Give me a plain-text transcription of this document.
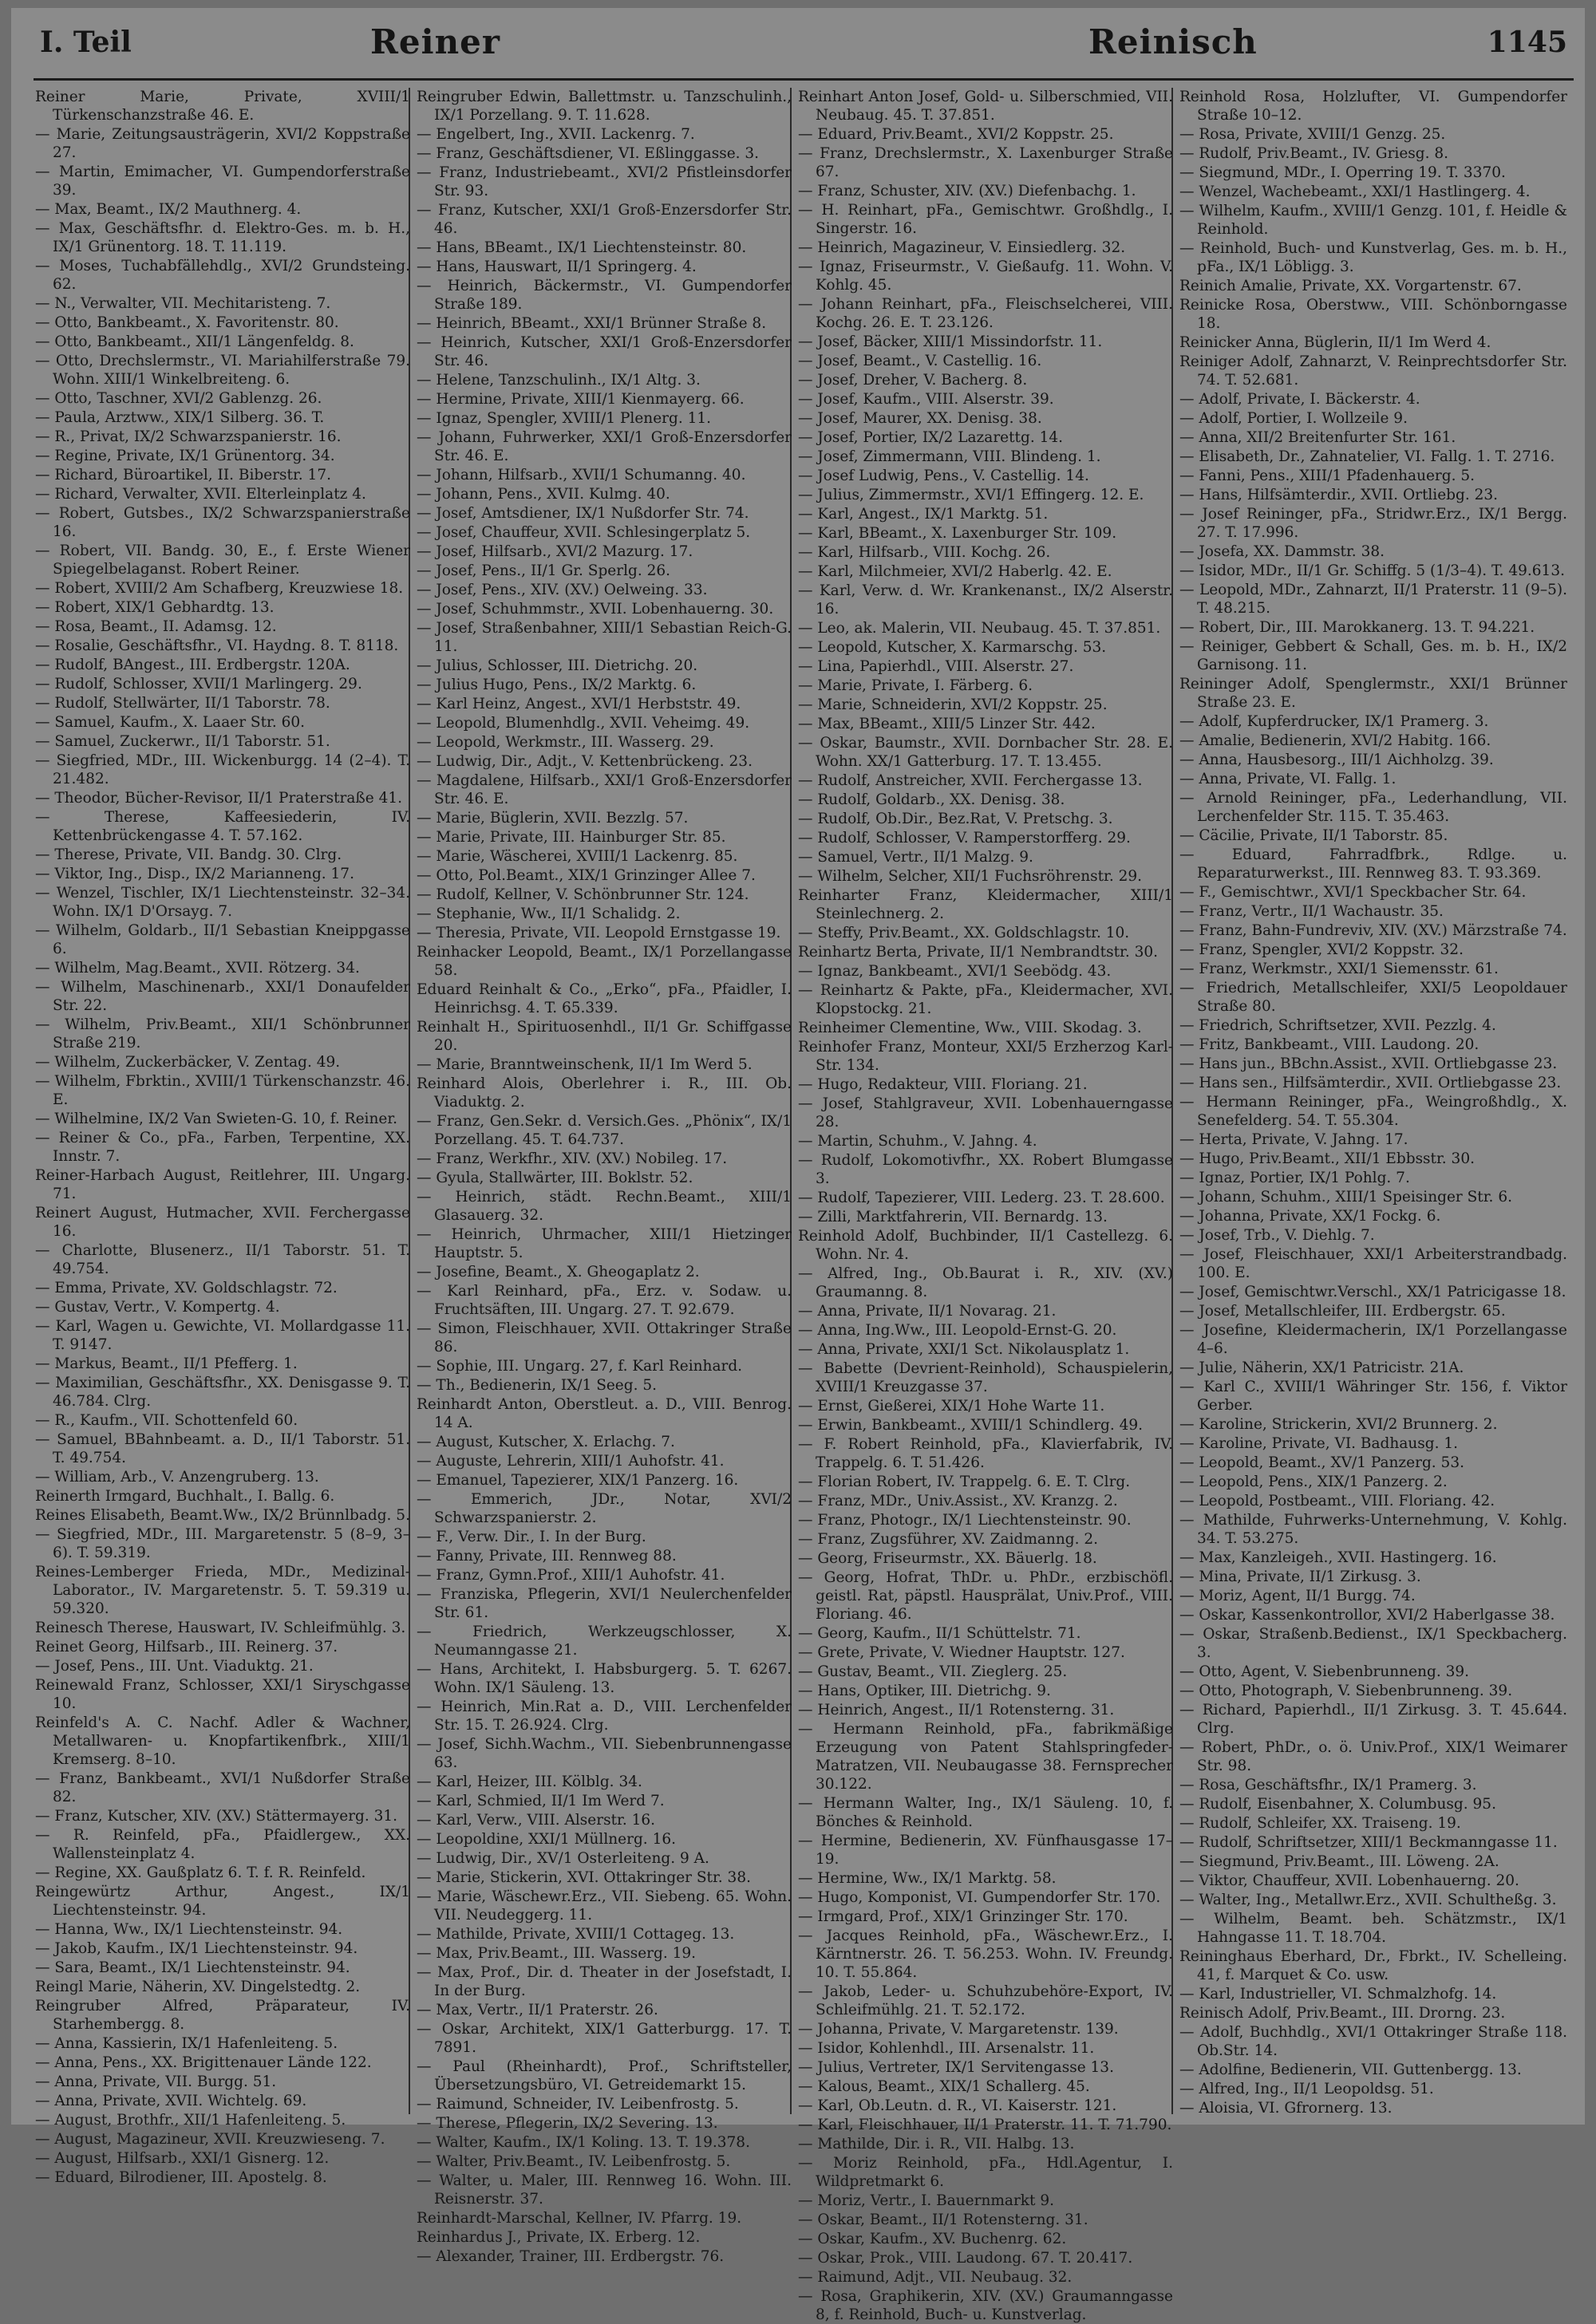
I. Teil	Reiner	Reinisch	1145
Reiner Marie, Private, XVIII/1 Türkenschanzstraße 46. E.
— Marie, Zeitungsausträgerin, XVI/2 Koppstraße 27.
— Martin, Emimacher, VI. Gumpendorferstraße 39.
— Max, Beamt., IX/2 Mauthnerg. 4.
— Max, Geschäftsfhr. d. Elektro-Ges. m. b. H., IX/1 Grünentorg. 18. T. 11.119.
— Moses, Tuchabfällehdlg., XVI/2 Grundsteing. 62.
— N., Verwalter, VII. Mechitaristeng. 7.
— Otto, Bankbeamt., X. Favoritenstr. 80.
— Otto, Bankbeamt., XII/1 Längenfeldg. 8.
— Otto, Drechslermstr., VI. Mariahilferstraße 79. Wohn. XIII/1 Winkelbreiteng. 6.
— Otto, Taschner, XVI/2 Gablenzg. 26.
— Paula, Arztww., XIX/1 Silberg. 36. T.
— R., Privat, IX/2 Schwarzspanierstr. 16.
— Regine, Private, IX/1 Grünentorg. 34.
— Richard, Büroartikel, II. Biberstr. 17.
— Richard, Verwalter, XVII. Elterleinplatz 4.
— Robert, Gutsbes., IX/2 Schwarzspanierstraße 16.
— Robert, VII. Bandg. 30, E., f. Erste Wiener Spiegelbelaganst. Robert Reiner.
— Robert, XVIII/2 Am Schafberg, Kreuzwiese 18.
— Robert, XIX/1 Gebhardtg. 13.
— Rosa, Beamt., II. Adamsg. 12.
— Rosalie, Geschäftsfhr., VI. Haydng. 8. T. 8118.
— Rudolf, BAngest., III. Erdbergstr. 120A.
— Rudolf, Schlosser, XVII/1 Marlingerg. 29.
— Rudolf, Stellwärter, II/1 Taborstr. 78.
— Samuel, Kaufm., X. Laaer Str. 60.
— Samuel, Zuckerwr., II/1 Taborstr. 51.
— Siegfried, MDr., III. Wickenburgg. 14 (2–4). T. 21.482.
— Theodor, Bücher-Revisor, II/1 Praterstraße 41.
— Therese, Kaffeesiederin, IV. Kettenbrückengasse 4. T. 57.162.
— Therese, Private, VII. Bandg. 30. Clrg.
— Viktor, Ing., Disp., IX/2 Marianneng. 17.
— Wenzel, Tischler, IX/1 Liechtensteinstr. 32–34. Wohn. IX/1 D'Orsayg. 7.
— Wilhelm, Goldarb., II/1 Sebastian Kneippgasse 6.
— Wilhelm, Mag.Beamt., XVII. Rötzerg. 34.
— Wilhelm, Maschinenarb., XXI/1 Donaufelder Str. 22.
— Wilhelm, Priv.Beamt., XII/1 Schönbrunner Straße 219.
— Wilhelm, Zuckerbäcker, V. Zentag. 49.
— Wilhelm, Fbrktin., XVIII/1 Türkenschanzstr. 46. E.
— Wilhelmine, IX/2 Van Swieten-G. 10, f. Reiner.
— Reiner & Co., pFa., Farben, Terpentine, XX. Innstr. 7.
Reiner-Harbach August, Reitlehrer, III. Ungarg. 71.
Reinert August, Hutmacher, XVII. Ferchergasse 16.
— Charlotte, Blusenerz., II/1 Taborstr. 51. T. 49.754.
— Emma, Private, XV. Goldschlagstr. 72.
— Gustav, Vertr., V. Kompertg. 4.
— Karl, Wagen u. Gewichte, VI. Mollardgasse 11. T. 9147.
— Markus, Beamt., II/1 Pfefferg. 1.
— Maximilian, Geschäftsfhr., XX. Denisgasse 9. T. 46.784. Clrg.
— R., Kaufm., VII. Schottenfeld 60.
— Samuel, BBahnbeamt. a. D., II/1 Taborstr. 51. T. 49.754.
— William, Arb., V. Anzengruberg. 13.
Reinerth Irmgard, Buchhalt., I. Ballg. 6.
Reines Elisabeth, Beamt.Ww., IX/2 Brünnlbadg. 5.
— Siegfried, MDr., III. Margaretenstr. 5 (8–9, 3–6). T. 59.319.
Reines-Lemberger Frieda, MDr., Medizinal-Laborator., IV. Margaretenstr. 5. T. 59.319 u. 59.320.
Reinesch Therese, Hauswart, IV. Schleifmühlg. 3.
Reinet Georg, Hilfsarb., III. Reinerg. 37.
— Josef, Pens., III. Unt. Viaduktg. 21.
Reinewald Franz, Schlosser, XXI/1 Siryschgasse 10.
Reinfeld's A. C. Nachf. Adler & Wachner, Metallwaren- u. Knopfartikenfbrk., XIII/1 Kremserg. 8–10.
— Franz, Bankbeamt., XVI/1 Nußdorfer Straße 82.
— Franz, Kutscher, XIV. (XV.) Stättermayerg. 31.
— R. Reinfeld, pFa., Pfaidlergew., XX. Wallensteinplatz 4.
— Regine, XX. Gaußplatz 6. T. f. R. Reinfeld.
Reingewürtz Arthur, Angest., IX/1 Liechtensteinstr. 94.
— Hanna, Ww., IX/1 Liechtensteinstr. 94.
— Jakob, Kaufm., IX/1 Liechtensteinstr. 94.
— Sara, Beamt., IX/1 Liechtensteinstr. 94.
Reingl Marie, Näherin, XV. Dingelstedtg. 2.
Reingruber Alfred, Präparateur, IV. Starhembergg. 8.
— Anna, Kassierin, IX/1 Hafenleiteng. 5.
— Anna, Pens., XX. Brigittenauer Lände 122.
— Anna, Private, VII. Burgg. 51.
— Anna, Private, XVII. Wichtelg. 69.
— August, Brothfr., XII/1 Hafenleiteng. 5.
— August, Magazineur, XVII. Kreuzwieseng. 7.
— August, Hilfsarb., XXI/1 Gisnerg. 12.
— Eduard, Bilrodiener, III. Apostelg. 8.
Reingruber Edwin, Ballettmstr. u. Tanzschulinh., IX/1 Porzellang. 9. T. 11.628.
— Engelbert, Ing., XVII. Lackenrg. 7.
— Franz, Geschäftsdiener, VI. Eßlinggasse. 3.
— Franz, Industriebeamt., XVI/2 Pfistleinsdorfer Str. 93.
— Franz, Kutscher, XXI/1 Groß-Enzersdorfer Str. 46.
— Hans, BBeamt., IX/1 Liechtensteinstr. 80.
— Hans, Hauswart, II/1 Springerg. 4.
— Heinrich, Bäckermstr., VI. Gumpendorfer Straße 189.
— Heinrich, BBeamt., XXI/1 Brünner Straße 8.
— Heinrich, Kutscher, XXI/1 Groß-Enzersdorfer Str. 46.
— Helene, Tanzschulinh., IX/1 Altg. 3.
— Hermine, Private, XIII/1 Kienmayerg. 66.
— Ignaz, Spengler, XVIII/1 Plenerg. 11.
— Johann, Fuhrwerker, XXI/1 Groß-Enzersdorfer Str. 46. E.
— Johann, Hilfsarb., XVII/1 Schumanng. 40.
— Johann, Pens., XVII. Kulmg. 40.
— Josef, Amtsdiener, IX/1 Nußdorfer Str. 74.
— Josef, Chauffeur, XVII. Schlesingerplatz 5.
— Josef, Hilfsarb., XVI/2 Mazurg. 17.
— Josef, Pens., II/1 Gr. Sperlg. 26.
— Josef, Pens., XIV. (XV.) Oelweing. 33.
— Josef, Schuhmmstr., XVII. Lobenhauerng. 30.
— Josef, Straßenbahner, XIII/1 Sebastian Reich-G. 11.
— Julius, Schlosser, III. Dietrichg. 20.
— Julius Hugo, Pens., IX/2 Marktg. 6.
— Karl Heinz, Angest., XVI/1 Herbststr. 49.
— Leopold, Blumenhdlg., XVII. Veheimg. 49.
— Leopold, Werkmstr., III. Wasserg. 29.
— Ludwig, Dir., Adjt., V. Kettenbrückeng. 23.
— Magdalene, Hilfsarb., XXI/1 Groß-Enzersdorfer Str. 46. E.
— Marie, Büglerin, XVII. Bezzlg. 57.
— Marie, Private, III. Hainburger Str. 85.
— Marie, Wäscherei, XVIII/1 Lackenrg. 85.
— Otto, Pol.Beamt., XIX/1 Grinzinger Allee 7.
— Rudolf, Kellner, V. Schönbrunner Str. 124.
— Stephanie, Ww., II/1 Schalidg. 2.
— Theresia, Private, VII. Leopold Ernstgasse 19.
Reinhacker Leopold, Beamt., IX/1 Porzellangasse 58.
Eduard Reinhalt & Co., „Erko“, pFa., Pfaidler, I. Heinrichsg. 4. T. 65.339.
Reinhalt H., Spirituosenhdl., II/1 Gr. Schiffgasse 20.
— Marie, Branntweinschenk, II/1 Im Werd 5.
Reinhard Alois, Oberlehrer i. R., III. Ob. Viaduktg. 2.
— Franz, Gen.Sekr. d. Versich.Ges. „Phönix“, IX/1 Porzellang. 45. T. 64.737.
— Franz, Werkfhr., XIV. (XV.) Nobileg. 17.
— Gyula, Stallwärter, III. Boklstr. 52.
— Heinrich, städt. Rechn.Beamt., XIII/1 Glasauerg. 32.
— Heinrich, Uhrmacher, XIII/1 Hietzinger Hauptstr. 5.
— Josefine, Beamt., X. Gheogaplatz 2.
— Karl Reinhard, pFa., Erz. v. Sodaw. u. Fruchtsäften, III. Ungarg. 27. T. 92.679.
— Simon, Fleischhauer, XVII. Ottakringer Straße 86.
— Sophie, III. Ungarg. 27, f. Karl Reinhard.
— Th., Bedienerin, IX/1 Seeg. 5.
Reinhardt Anton, Oberstleut. a. D., VIII. Benrog. 14 A.
— August, Kutscher, X. Erlachg. 7.
— Auguste, Lehrerin, XIII/1 Auhofstr. 41.
— Emanuel, Tapezierer, XIX/1 Panzerg. 16.
— Emmerich, JDr., Notar, XVI/2 Schwarzspanierstr. 2.
— F., Verw. Dir., I. In der Burg.
— Fanny, Private, III. Rennweg 88.
— Franz, Gymn.Prof., XIII/1 Auhofstr. 41.
— Franziska, Pflegerin, XVI/1 Neulerchenfelder Str. 61.
— Friedrich, Werkzeugschlosser, X. Neumanngasse 21.
— Hans, Architekt, I. Habsburgerg. 5. T. 6267. Wohn. IX/1 Säuleng. 13.
— Heinrich, Min.Rat a. D., VIII. Lerchenfelder Str. 15. T. 26.924. Clrg.
— Josef, Sichh.Wachm., VII. Siebenbrunnengasse 63.
— Karl, Heizer, III. Kölblg. 34.
— Karl, Schmied, II/1 Im Werd 7.
— Karl, Verw., VIII. Alserstr. 16.
— Leopoldine, XXI/1 Müllnerg. 16.
— Ludwig, Dir., XV/1 Osterleiteng. 9 A.
— Marie, Stickerin, XVI. Ottakringer Str. 38.
— Marie, Wäschewr.Erz., VII. Siebeng. 65. Wohn. VII. Neudeggerg. 11.
— Mathilde, Private, XVIII/1 Cottageg. 13.
— Max, Priv.Beamt., III. Wasserg. 19.
— Max, Prof., Dir. d. Theater in der Josefstadt, I. In der Burg.
— Max, Vertr., II/1 Praterstr. 26.
— Oskar, Architekt, XIX/1 Gatterburgg. 17. T. 7891.
— Paul (Rheinhardt), Prof., Schriftsteller, Übersetzungsbüro, VI. Getreidemarkt 15.
— Raimund, Schneider, IV. Leibenfrostg. 5.
— Therese, Pflegerin, IX/2 Severing. 13.
— Walter, Kaufm., IX/1 Koling. 13. T. 19.378.
— Walter, Priv.Beamt., IV. Leibenfrostg. 5.
— Walter, u. Maler, III. Rennweg 16. Wohn. III. Reisnerstr. 37.
Reinhardt-Marschal, Kellner, IV. Pfarrg. 19.
Reinhardus J., Private, IX. Erberg. 12.
— Alexander, Trainer, III. Erdbergstr. 76.
Reinhart Anton Josef, Gold- u. Silberschmied, VII. Neubaug. 45. T. 37.851.
— Eduard, Priv.Beamt., XVI/2 Koppstr. 25.
— Franz, Drechslermstr., X. Laxenburger Straße 67.
— Franz, Schuster, XIV. (XV.) Diefenbachg. 1.
— H. Reinhart, pFa., Gemischtwr. Großhdlg., I. Singerstr. 16.
— Heinrich, Magazineur, V. Einsiedlerg. 32.
— Ignaz, Friseurmstr., V. Gießaufg. 11. Wohn. V. Kohlg. 45.
— Johann Reinhart, pFa., Fleischselcherei, VIII. Kochg. 26. E. T. 23.126.
— Josef, Bäcker, XIII/1 Missindorfstr. 11.
— Josef, Beamt., V. Castellig. 16.
— Josef, Dreher, V. Bacherg. 8.
— Josef, Kaufm., VIII. Alserstr. 39.
— Josef, Maurer, XX. Denisg. 38.
— Josef, Portier, IX/2 Lazarettg. 14.
— Josef, Zimmermann, VIII. Blindeng. 1.
— Josef Ludwig, Pens., V. Castellig. 14.
— Julius, Zimmermstr., XVI/1 Effingerg. 12. E.
— Karl, Angest., IX/1 Marktg. 51.
— Karl, BBeamt., X. Laxenburger Str. 109.
— Karl, Hilfsarb., VIII. Kochg. 26.
— Karl, Milchmeier, XVI/2 Haberlg. 42. E.
— Karl, Verw. d. Wr. Krankenanst., IX/2 Alserstr. 16.
— Leo, ak. Malerin, VII. Neubaug. 45. T. 37.851.
— Leopold, Kutscher, X. Karmarschg. 53.
— Lina, Papierhdl., VIII. Alserstr. 27.
— Marie, Private, I. Färberg. 6.
— Marie, Schneiderin, XVI/2 Koppstr. 25.
— Max, BBeamt., XIII/5 Linzer Str. 442.
— Oskar, Baumstr., XVII. Dornbacher Str. 28. E. Wohn. XX/1 Gatterburg. 17. T. 13.455.
— Rudolf, Anstreicher, XVII. Ferchergasse 13.
— Rudolf, Goldarb., XX. Denisg. 38.
— Rudolf, Ob.Dir., Bez.Rat, V. Pretschg. 3.
— Rudolf, Schlosser, V. Ramperstorfferg. 29.
— Samuel, Vertr., II/1 Malzg. 9.
— Wilhelm, Selcher, XII/1 Fuchsröhrenstr. 29.
Reinharter Franz, Kleidermacher, XIII/1 Steinlechnerg. 2.
— Steffy, Priv.Beamt., XX. Goldschlagstr. 10.
Reinhartz Berta, Private, II/1 Nembrandtstr. 30.
— Ignaz, Bankbeamt., XVI/1 Seebödg. 43.
— Reinhartz & Pakte, pFa., Kleidermacher, XVI. Klopstockg. 21.
Reinheimer Clementine, Ww., VIII. Skodag. 3.
Reinhofer Franz, Monteur, XXI/5 Erzherzog Karl-Str. 134.
— Hugo, Redakteur, VIII. Floriang. 21.
— Josef, Stahlgraveur, XVII. Lobenhauerngasse 28.
— Martin, Schuhm., V. Jahng. 4.
— Rudolf, Lokomotivfhr., XX. Robert Blumgasse 3.
— Rudolf, Tapezierer, VIII. Lederg. 23. T. 28.600.
— Zilli, Marktfahrerin, VII. Bernardg. 13.
Reinhold Adolf, Buchbinder, II/1 Castellezg. 6. Wohn. Nr. 4.
— Alfred, Ing., Ob.Baurat i. R., XIV. (XV.) Graumanng. 8.
— Anna, Private, II/1 Novarag. 21.
— Anna, Ing.Ww., III. Leopold-Ernst-G. 20.
— Anna, Private, XXI/1 Sct. Nikolausplatz 1.
— Babette (Devrient-Reinhold), Schauspielerin, XVIII/1 Kreuzgasse 37.
— Ernst, Gießerei, XIX/1 Hohe Warte 11.
— Erwin, Bankbeamt., XVIII/1 Schindlerg. 49.
— F. Robert Reinhold, pFa., Klavierfabrik, IV. Trappelg. 6. T. 51.426.
— Florian Robert, IV. Trappelg. 6. E. T. Clrg.
— Franz, MDr., Univ.Assist., XV. Kranzg. 2.
— Franz, Photogr., IX/1 Liechtensteinstr. 90.
— Franz, Zugsführer, XV. Zaidmanng. 2.
— Georg, Friseurmstr., XX. Bäuerlg. 18.
— Georg, Hofrat, ThDr. u. PhDr., erzbischöfl. geistl. Rat, päpstl. Hausprälat, Univ.Prof., VIII. Floriang. 46.
— Georg, Kaufm., II/1 Schüttelstr. 71.
— Grete, Private, V. Wiedner Hauptstr. 127.
— Gustav, Beamt., VII. Zieglerg. 25.
— Hans, Optiker, III. Dietrichg. 9.
— Heinrich, Angest., II/1 Rotensterng. 31.
— Hermann Reinhold, pFa., fabrikmäßige Erzeugung von Patent Stahlspringfeder-Matratzen, VII. Neubaugasse 38. Fernsprecher 30.122.
— Hermann Walter, Ing., IX/1 Säuleng. 10, f. Bönches & Reinhold.
— Hermine, Bedienerin, XV. Fünfhausgasse 17–19.
— Hermine, Ww., IX/1 Marktg. 58.
— Hugo, Komponist, VI. Gumpendorfer Str. 170.
— Irmgard, Prof., XIX/1 Grinzinger Str. 170.
— Jacques Reinhold, pFa., Wäschewr.Erz., I. Kärntnerstr. 26. T. 56.253. Wohn. IV. Freundg. 10. T. 55.864.
— Jakob, Leder- u. Schuhzubehöre-Export, IV. Schleifmühlg. 21. T. 52.172.
— Johanna, Private, V. Margaretenstr. 139.
— Isidor, Kohlenhdl., III. Arsenalstr. 11.
— Julius, Vertreter, IX/1 Servitengasse 13.
— Kalous, Beamt., XIX/1 Schallerg. 45.
— Karl, Ob.Leutn. d. R., VI. Kaiserstr. 121.
— Karl, Fleischhauer, II/1 Praterstr. 11. T. 71.790.
— Mathilde, Dir. i. R., VII. Halbg. 13.
— Moriz Reinhold, pFa., Hdl.Agentur, I. Wildpretmarkt 6.
— Moriz, Vertr., I. Bauernmarkt 9.
— Oskar, Beamt., II/1 Rotensterng. 31.
— Oskar, Kaufm., XV. Buchenrg. 62.
— Oskar, Prok., VIII. Laudong. 67. T. 20.417.
— Raimund, Adjt., VII. Neubaug. 32.
— Rosa, Graphikerin, XIV. (XV.) Graumanngasse 8, f. Reinhold, Buch- u. Kunstverlag.
Reinhold Rosa, Holzlufter, VI. Gumpendorfer Straße 10–12.
— Rosa, Private, XVIII/1 Genzg. 25.
— Rudolf, Priv.Beamt., IV. Griesg. 8.
— Siegmund, MDr., I. Operring 19. T. 3370.
— Wenzel, Wachebeamt., XXI/1 Hastlingerg. 4.
— Wilhelm, Kaufm., XVIII/1 Genzg. 101, f. Heidle & Reinhold.
— Reinhold, Buch- und Kunstverlag, Ges. m. b. H., pFa., IX/1 Löbligg. 3.
Reinich Amalie, Private, XX. Vorgartenstr. 67.
Reinicke Rosa, Oberstww., VIII. Schönborngasse 18.
Reinicker Anna, Büglerin, II/1 Im Werd 4.
Reiniger Adolf, Zahnarzt, V. Reinprechtsdorfer Str. 74. T. 52.681.
— Adolf, Private, I. Bäckerstr. 4.
— Adolf, Portier, I. Wollzeile 9.
— Anna, XII/2 Breitenfurter Str. 161.
— Elisabeth, Dr., Zahnatelier, VI. Fallg. 1. T. 2716.
— Fanni, Pens., XIII/1 Pfadenhauerg. 5.
— Hans, Hilfsämterdir., XVII. Ortliebg. 23.
— Josef Reininger, pFa., Stridwr.Erz., IX/1 Bergg. 27. T. 17.996.
— Josefa, XX. Dammstr. 38.
— Isidor, MDr., II/1 Gr. Schiffg. 5 (1/3–4). T. 49.613.
— Leopold, MDr., Zahnarzt, II/1 Praterstr. 11 (9–5). T. 48.215.
— Robert, Dir., III. Marokkanerg. 13. T. 94.221.
— Reiniger, Gebbert & Schall, Ges. m. b. H., IX/2 Garnisong. 11.
Reininger Adolf, Spenglermstr., XXI/1 Brünner Straße 23. E.
— Adolf, Kupferdrucker, IX/1 Pramerg. 3.
— Amalie, Bedienerin, XVI/2 Habitg. 166.
— Anna, Hausbesorg., III/1 Aichholzg. 39.
— Anna, Private, VI. Fallg. 1.
— Arnold Reininger, pFa., Lederhandlung, VII. Lerchenfelder Str. 115. T. 35.463.
— Cäcilie, Private, II/1 Taborstr. 85.
— Eduard, Fahrradfbrk., Rdlge. u. Reparaturwerkst., III. Rennweg 83. T. 93.369.
— F., Gemischtwr., XVI/1 Speckbacher Str. 64.
— Franz, Vertr., II/1 Wachaustr. 35.
— Franz, Bahn-Fundreviv, XIV. (XV.) Märzstraße 74.
— Franz, Spengler, XVI/2 Koppstr. 32.
— Franz, Werkmstr., XXI/1 Siemensstr. 61.
— Friedrich, Metallschleifer, XXI/5 Leopoldauer Straße 80.
— Friedrich, Schriftsetzer, XVII. Pezzlg. 4.
— Fritz, Bankbeamt., VIII. Laudong. 20.
— Hans jun., BBchn.Assist., XVII. Ortliebgasse 23.
— Hans sen., Hilfsämterdir., XVII. Ortliebgasse 23.
— Hermann Reininger, pFa., Weingroßhdlg., X. Senefelderg. 54. T. 55.304.
— Herta, Private, V. Jahng. 17.
— Hugo, Priv.Beamt., XII/1 Ebbsstr. 30.
— Ignaz, Portier, IX/1 Pohlg. 7.
— Johann, Schuhm., XIII/1 Speisinger Str. 6.
— Johanna, Private, XX/1 Fockg. 6.
— Josef, Trb., V. Diehlg. 7.
— Josef, Fleischhauer, XXI/1 Arbeiterstrandbadg. 100. E.
— Josef, Gemischtwr.Verschl., XX/1 Patricigasse 18.
— Josef, Metallschleifer, III. Erdbergstr. 65.
— Josefine, Kleidermacherin, IX/1 Porzellangasse 4–6.
— Julie, Näherin, XX/1 Patricistr. 21A.
— Karl C., XVIII/1 Währinger Str. 156, f. Viktor Gerber.
— Karoline, Strickerin, XVI/2 Brunnerg. 2.
— Karoline, Private, VI. Badhausg. 1.
— Leopold, Beamt., XV/1 Panzerg. 53.
— Leopold, Pens., XIX/1 Panzerg. 2.
— Leopold, Postbeamt., VIII. Floriang. 42.
— Mathilde, Fuhrwerks-Unternehmung, V. Kohlg. 34. T. 53.275.
— Max, Kanzleigeh., XVII. Hastingerg. 16.
— Mina, Private, II/1 Zirkusg. 3.
— Moriz, Agent, II/1 Burgg. 74.
— Oskar, Kassenkontrollor, XVI/2 Haberlgasse 38.
— Oskar, Straßenb.Bedienst., IX/1 Speckbacherg. 3.
— Otto, Agent, V. Siebenbrunneng. 39.
— Otto, Photograph, V. Siebenbrunneng. 39.
— Richard, Papierhdl., II/1 Zirkusg. 3. T. 45.644. Clrg.
— Robert, PhDr., o. ö. Univ.Prof., XIX/1 Weimarer Str. 98.
— Rosa, Geschäftsfhr., IX/1 Pramerg. 3.
— Rudolf, Eisenbahner, X. Columbusg. 95.
— Rudolf, Schleifer, XX. Traiseng. 19.
— Rudolf, Schriftsetzer, XIII/1 Beckmanngasse 11.
— Siegmund, Priv.Beamt., III. Löweng. 2A.
— Viktor, Chauffeur, XVII. Lobenhauerng. 20.
— Walter, Ing., Metallwr.Erz., XVII. Schultheßg. 3.
— Wilhelm, Beamt. beh. Schätzmstr., IX/1 Hahngasse 11. T. 18.704.
Reininghaus Eberhard, Dr., Fbrkt., IV. Schelleing. 41, f. Marquet & Co. usw.
— Karl, Industrieller, VI. Schmalzhofg. 14.
Reinisch Adolf, Priv.Beamt., III. Drorng. 23.
— Adolf, Buchhdlg., XVI/1 Ottakringer Straße 118. Ob.Str. 14.
— Adolfine, Bedienerin, VII. Guttenbergg. 13.
— Alfred, Ing., II/1 Leopoldsg. 51.
— Aloisia, VI. Gfrornerg. 13.
